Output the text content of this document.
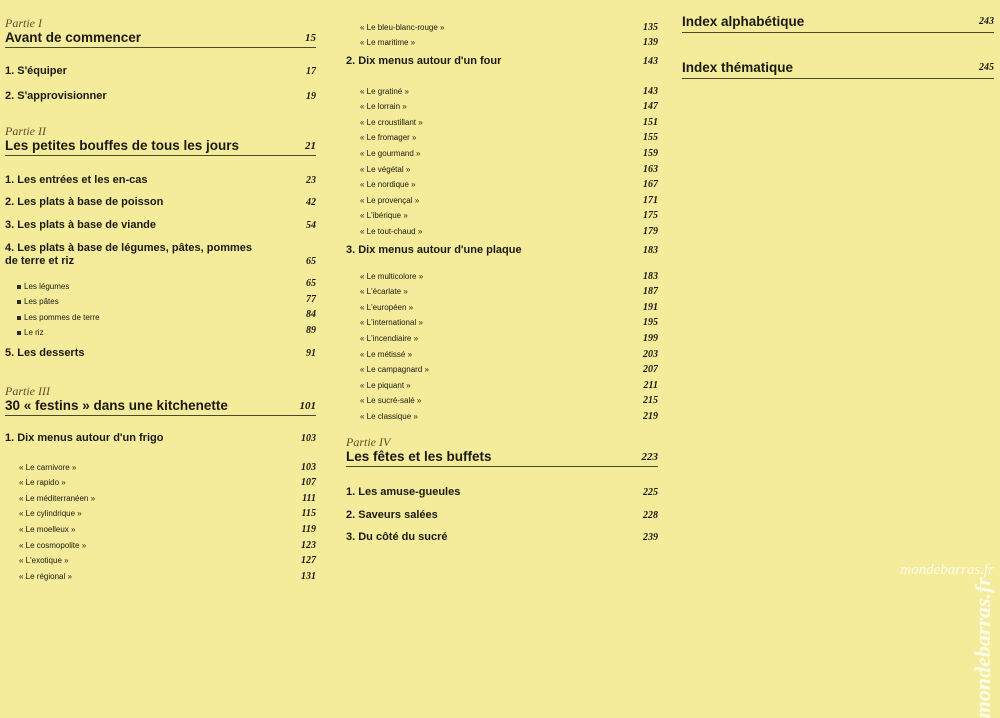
Partie I
Avant de commencer	15
1. S'équiper	17
2. S'approvisionner	19
Partie II
Les petites bouffes de tous les jours	21
1. Les entrées et les en-cas	23
2. Les plats à base de poisson	42
3. Les plats à base de viande	54
4. Les plats à base de légumes, pâtes, pommes de terre et riz	65
Les légumes	65
Les pâtes	77
Les pommes de terre	84
Le riz	89
5. Les desserts	91
Partie III
30 « festins » dans une kitchenette	101
1. Dix menus autour d'un frigo	103
« Le carnivore »	103
« Le rapido »	107
« Le méditerranéen »	111
« Le cylindrique »	115
« Le moelleux »	119
« Le cosmopolite »	123
« L'exotique »	127
« Le régional »	131
« Le bleu-blanc-rouge »	135
« Le maritime »	139
2. Dix menus autour d'un four	143
« Le gratiné »	143
« Le lorrain »	147
« Le croustillant »	151
« Le fromager »	155
« Le gourmand »	159
« Le végétal »	163
« Le nordique »	167
« Le provençal »	171
« L'ibérique »	175
« Le tout-chaud »	179
3. Dix menus autour d'une plaque	183
« Le multicolore »	183
« L'écarlate »	187
« L'européen »	191
« L'international »	195
« L'incendiaire »	199
« Le métissé »	203
« Le campagnard »	207
« Le piquant »	211
« Le sucré-salé »	215
« Le classique »	219
Partie IV
Les fêtes et les buffets	223
1. Les amuse-gueules	225
2. Saveurs salées	228
3. Du côté du sucré	239
Index alphabétique	243
Index thématique	245
mondebarras.fr
mondebarras.fr
